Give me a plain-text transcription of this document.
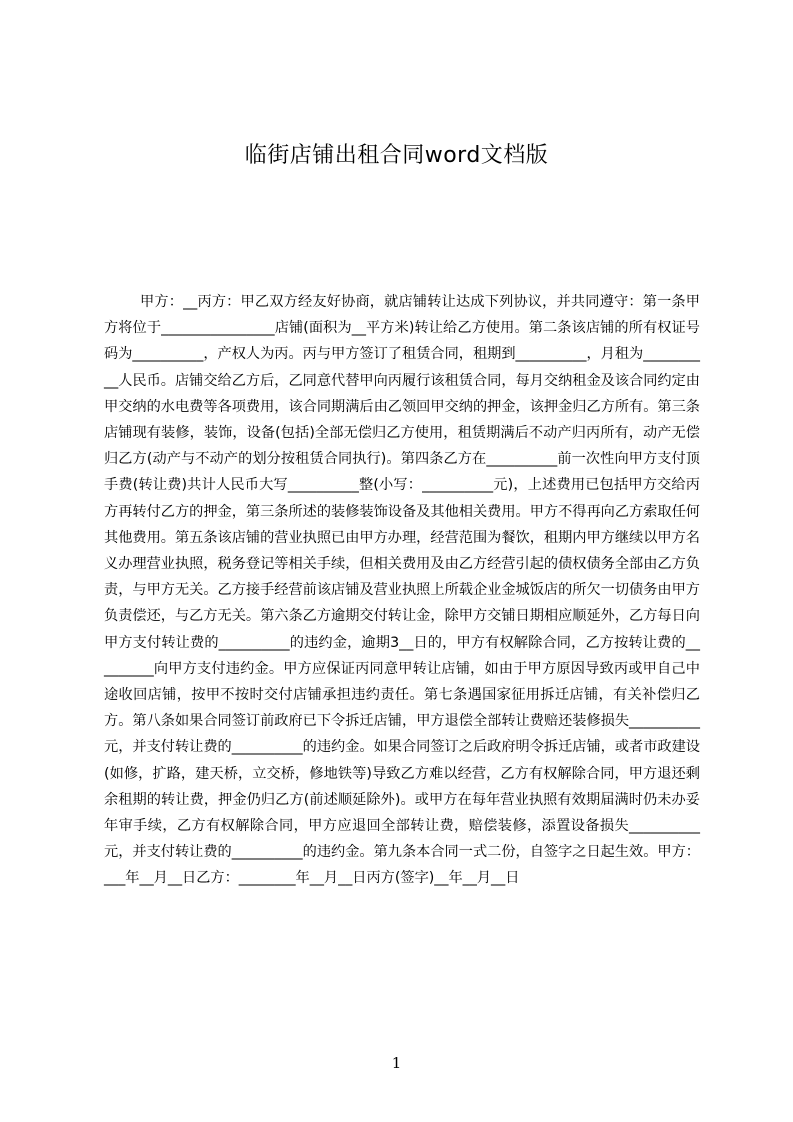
临街店铺出租合同word文档版

甲方：__丙方：甲乙双方经友好协商，就店铺转让达成下列协议，并共同遵守：第一条甲方将位于________________店铺(面积为__平方米)转让给乙方使用。第二条该店铺的所有权证号码为__________，产权人为丙。丙与甲方签订了租赁合同，租期到__________，月租为__________人民币。店铺交给乙方后，乙同意代替甲向丙履行该租赁合同，每月交纳租金及该合同约定由甲交纳的水电费等各项费用，该合同期满后由乙领回甲交纳的押金，该押金归乙方所有。第三条店铺现有装修，装饰，设备(包括)全部无偿归乙方使用，租赁期满后不动产归丙所有，动产无偿归乙方(动产与不动产的划分按租赁合同执行)。第四条乙方在__________前一次性向甲方支付顶手费(转让费)共计人民币大写__________整(小写：__________元)，上述费用已包括甲方交给丙方再转付乙方的押金，第三条所述的装修装饰设备及其他相关费用。甲方不得再向乙方索取任何其他费用。第五条该店铺的营业执照已由甲方办理，经营范围为餐饮，租期内甲方继续以甲方名义办理营业执照，税务登记等相关手续，但相关费用及由乙方经营引起的债权债务全部由乙方负责，与甲方无关。乙方接手经营前该店铺及营业执照上所载企业金城饭店的所欠一切债务由甲方负责偿还，与乙方无关。第六条乙方逾期交付转让金，除甲方交铺日期相应顺延外，乙方每日向甲方支付转让费的__________的违约金，逾期3__日的，甲方有权解除合同，乙方按转让费的_________向甲方支付违约金。甲方应保证丙同意甲转让店铺，如由于甲方原因导致丙或甲自己中途收回店铺，按甲不按时交付店铺承担违约责任。第七条遇国家征用拆迁店铺，有关补偿归乙方。第八条如果合同签订前政府已下令拆迁店铺，甲方退偿全部转让费赔还装修损失__________元，并支付转让费的__________的违约金。如果合同签订之后政府明令拆迁店铺，或者市政建设(如修，扩路，建天桥，立交桥，修地铁等)导致乙方难以经营，乙方有权解除合同，甲方退还剩余租期的转让费，押金仍归乙方(前述顺延除外)。或甲方在每年营业执照有效期届满时仍未办妥年审手续，乙方有权解除合同，甲方应退回全部转让费，赔偿装修，添置设备损失__________元，并支付转让费的__________的违约金。第九条本合同一式二份，自签字之日起生效。甲方：___年__月__日乙方：________年__月__日丙方(签字)__年__月__日

1
